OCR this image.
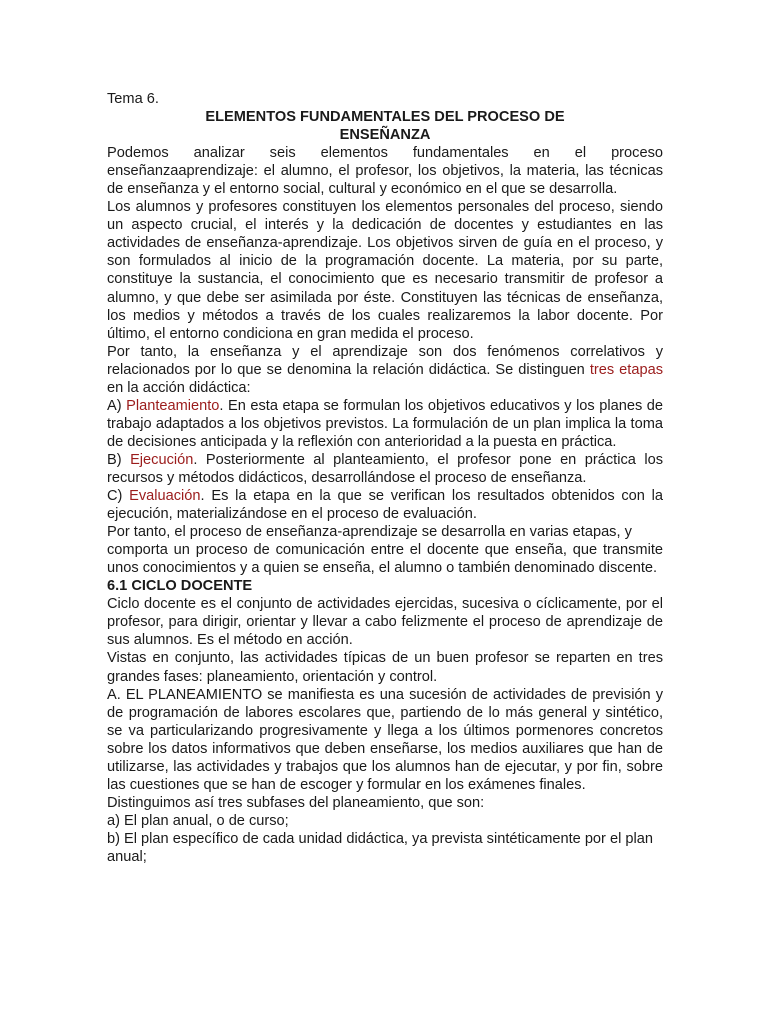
Tema 6.

ELEMENTOS FUNDAMENTALES DEL PROCESO DE

ENSEÑANZA

Podemos analizar seis elementos fundamentales en el proceso enseñanzaaprendizaje: el alumno, el profesor, los objetivos, la materia, las técnicas de enseñanza y el entorno social, cultural y económico en el que se desarrolla.

Los alumnos y profesores constituyen los elementos personales del proceso, siendo un aspecto crucial, el interés y la dedicación de docentes y estudiantes en las actividades de enseñanza-aprendizaje. Los objetivos sirven de guía en el proceso, y son formulados al inicio de la programación docente. La materia, por su parte, constituye la sustancia, el conocimiento que es necesario transmitir de profesor a alumno, y que debe ser asimilada por éste. Constituyen las técnicas de enseñanza, los medios y métodos a través de los cuales realizaremos la labor docente. Por último, el entorno condiciona en gran medida el proceso.

Por tanto, la enseñanza y el aprendizaje son dos fenómenos correlativos y relacionados por lo que se denomina la relación didáctica. Se distinguen tres etapas en la acción didáctica:

A) Planteamiento. En esta etapa se formulan los objetivos educativos y los planes de trabajo adaptados a los objetivos previstos. La formulación de un plan implica la toma de decisiones anticipada y la reflexión con anterioridad a la puesta en práctica.

B) Ejecución. Posteriormente al planteamiento, el profesor pone en práctica los recursos y métodos didácticos, desarrollándose el proceso de enseñanza.

C) Evaluación. Es la etapa en la que se verifican los resultados obtenidos con la ejecución, materializándose en el proceso de evaluación.

Por tanto, el proceso de enseñanza-aprendizaje se desarrolla en varias etapas, y

comporta un proceso de comunicación entre el docente que enseña, que transmite unos conocimientos y a quien se enseña, el alumno o también denominado discente.

6.1 CICLO DOCENTE

Ciclo docente es el conjunto de actividades ejercidas, sucesiva o cíclicamente, por el profesor, para dirigir, orientar y llevar a cabo felizmente el proceso de aprendizaje de sus alumnos. Es el método en acción.

Vistas en conjunto, las actividades típicas de un buen profesor se reparten en tres grandes fases: planeamiento, orientación y control.

A. EL PLANEAMIENTO se manifiesta es una sucesión de actividades de previsión y de programación de labores escolares que, partiendo de lo más general y sintético, se va particularizando progresivamente y llega a los últimos pormenores concretos sobre los datos informativos que deben enseñarse, los medios auxiliares que han de utilizarse, las actividades y trabajos que los alumnos han de ejecutar, y por fin, sobre las cuestiones que se han de escoger y formular en los exámenes finales.

Distinguimos así tres subfases del planeamiento, que son:

a) El plan anual, o de curso;

b) El plan específico de cada unidad didáctica, ya prevista sintéticamente por el plan anual;
